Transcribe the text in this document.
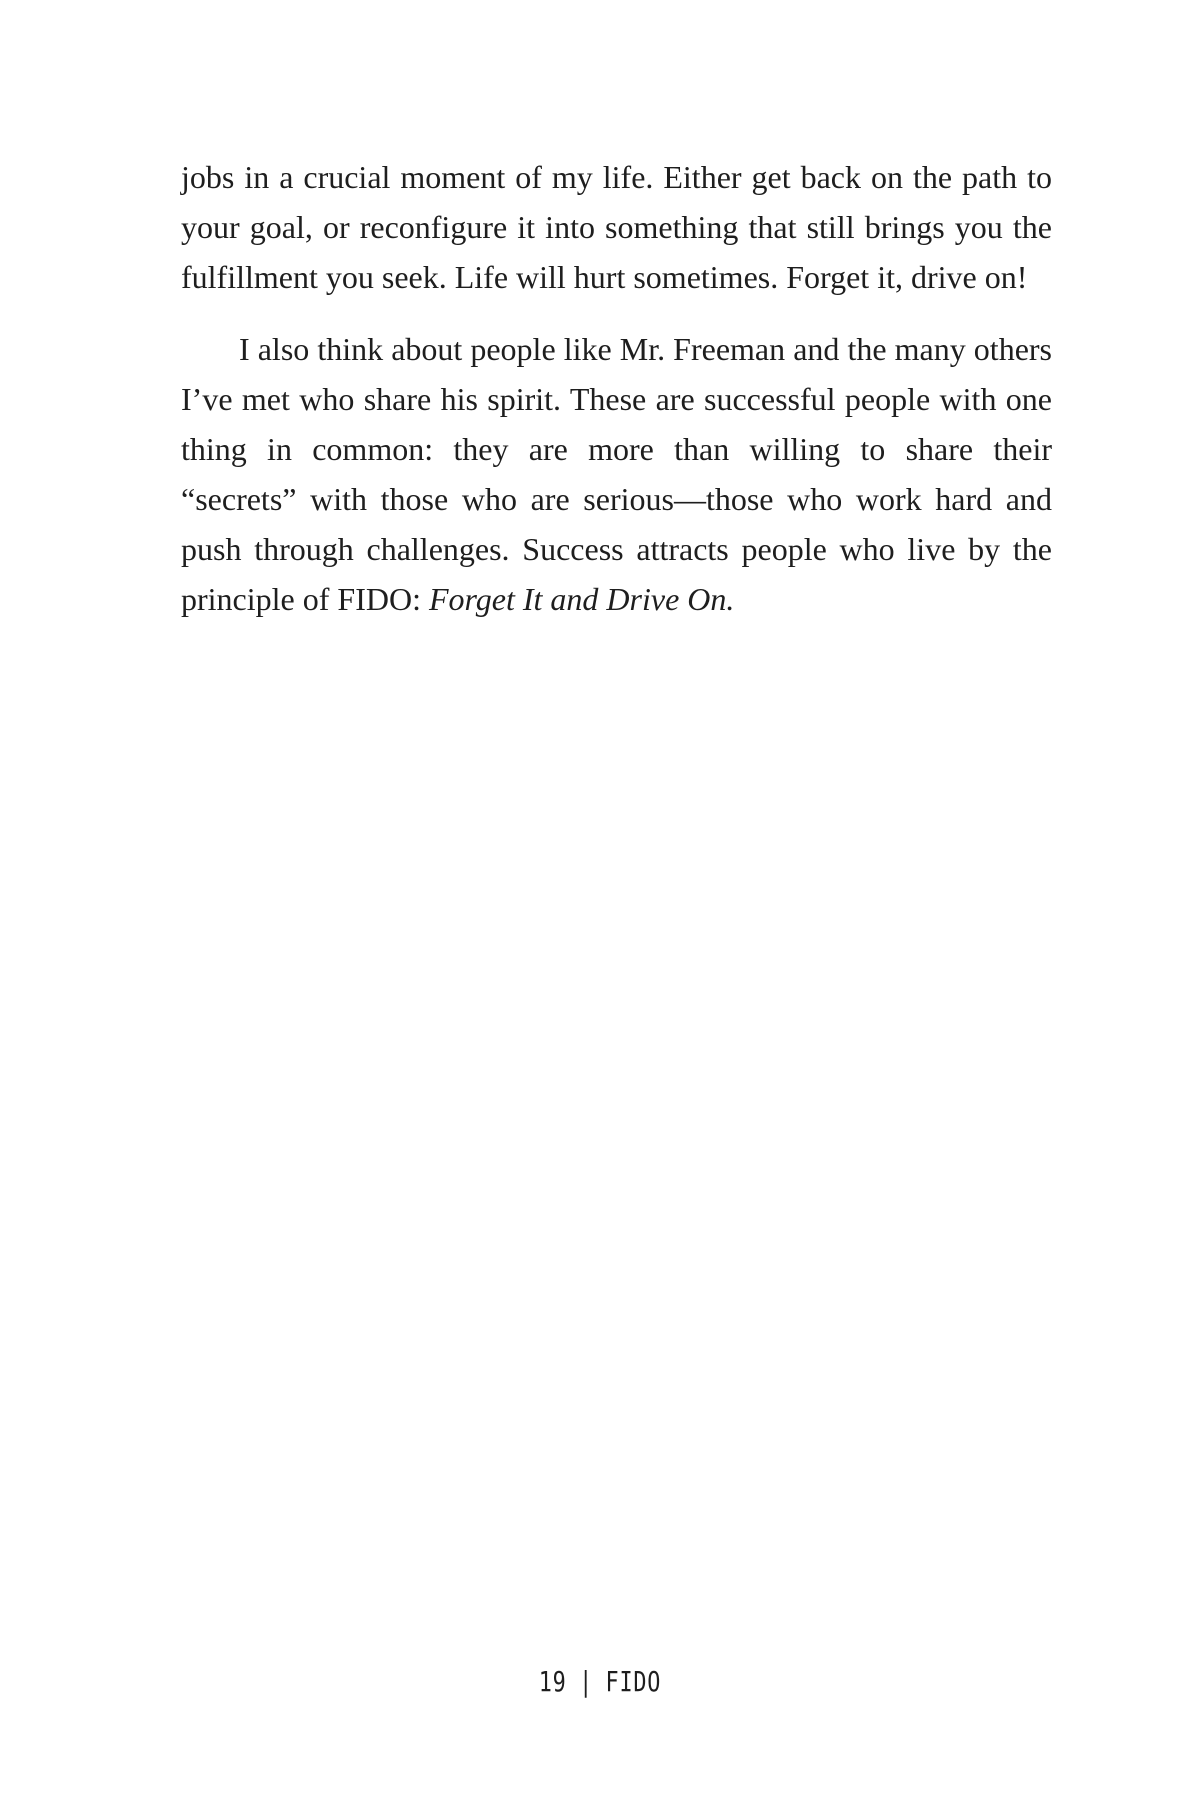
jobs in a crucial moment of my life. Either get back on the path to your goal, or reconfigure it into something that still brings you the fulfillment you seek. Life will hurt sometimes. Forget it, drive on!

I also think about people like Mr. Freeman and the many others I’ve met who share his spirit. These are successful people with one thing in common: they are more than willing to share their “secrets” with those who are serious—those who work hard and push through challenges. Success attracts people who live by the principle of FIDO: Forget It and Drive On.

19 | FIDO
